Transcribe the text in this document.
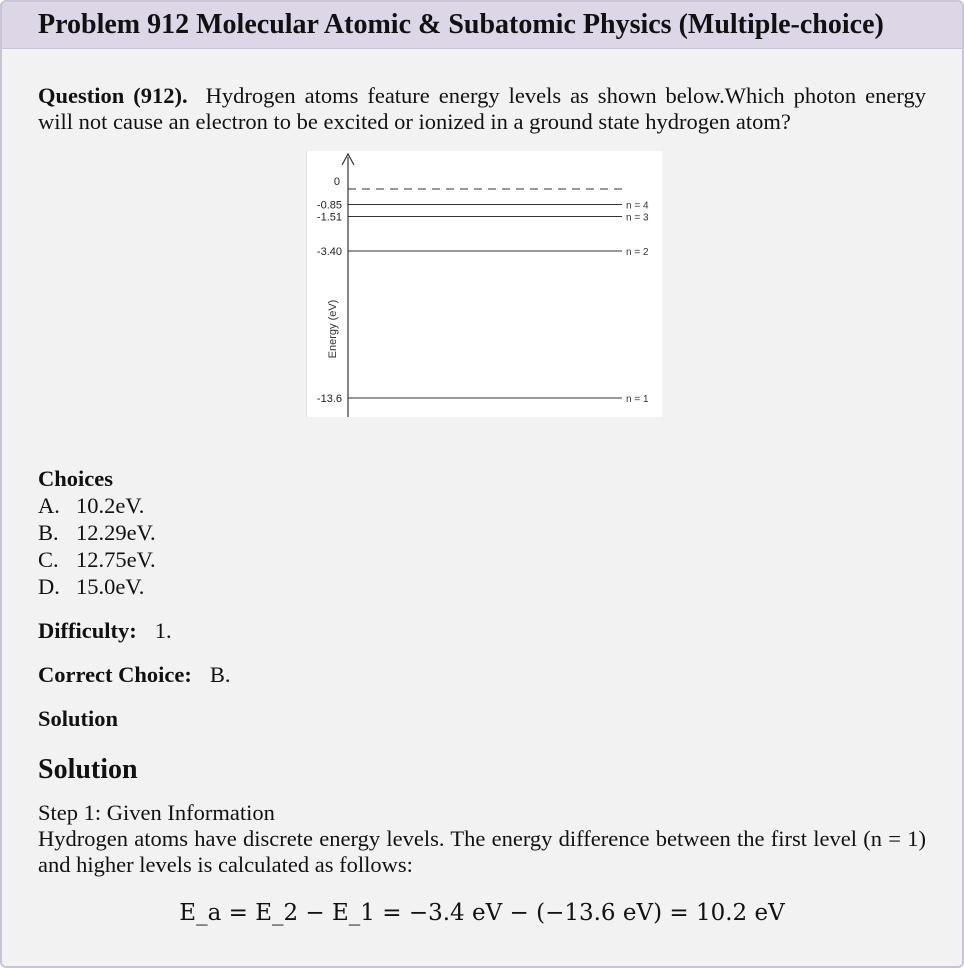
Problem 912 Molecular Atomic & Subatomic Physics (Multiple-choice)
Question (912). Hydrogen atoms feature energy levels as shown below.Which photon energy will not cause an electron to be excited or ionized in a ground state hydrogen atom?
Energy (eV)
0
-0.85	n = 4
-1.51	n = 3
-3.40	n = 2
-13.6	n = 1
Choices
A. 10.2eV.
B. 12.29eV.
C. 12.75eV.
D. 15.0eV.
Difficulty: 1.
Correct Choice: B.
Solution
Solution
Step 1: Given Information
Hydrogen atoms have discrete energy levels. The energy difference between the first level (n = 1) and higher levels is calculated as follows:
E_a = E_2 − E_1 = −3.4 eV − (−13.6 eV) = 10.2 eV
